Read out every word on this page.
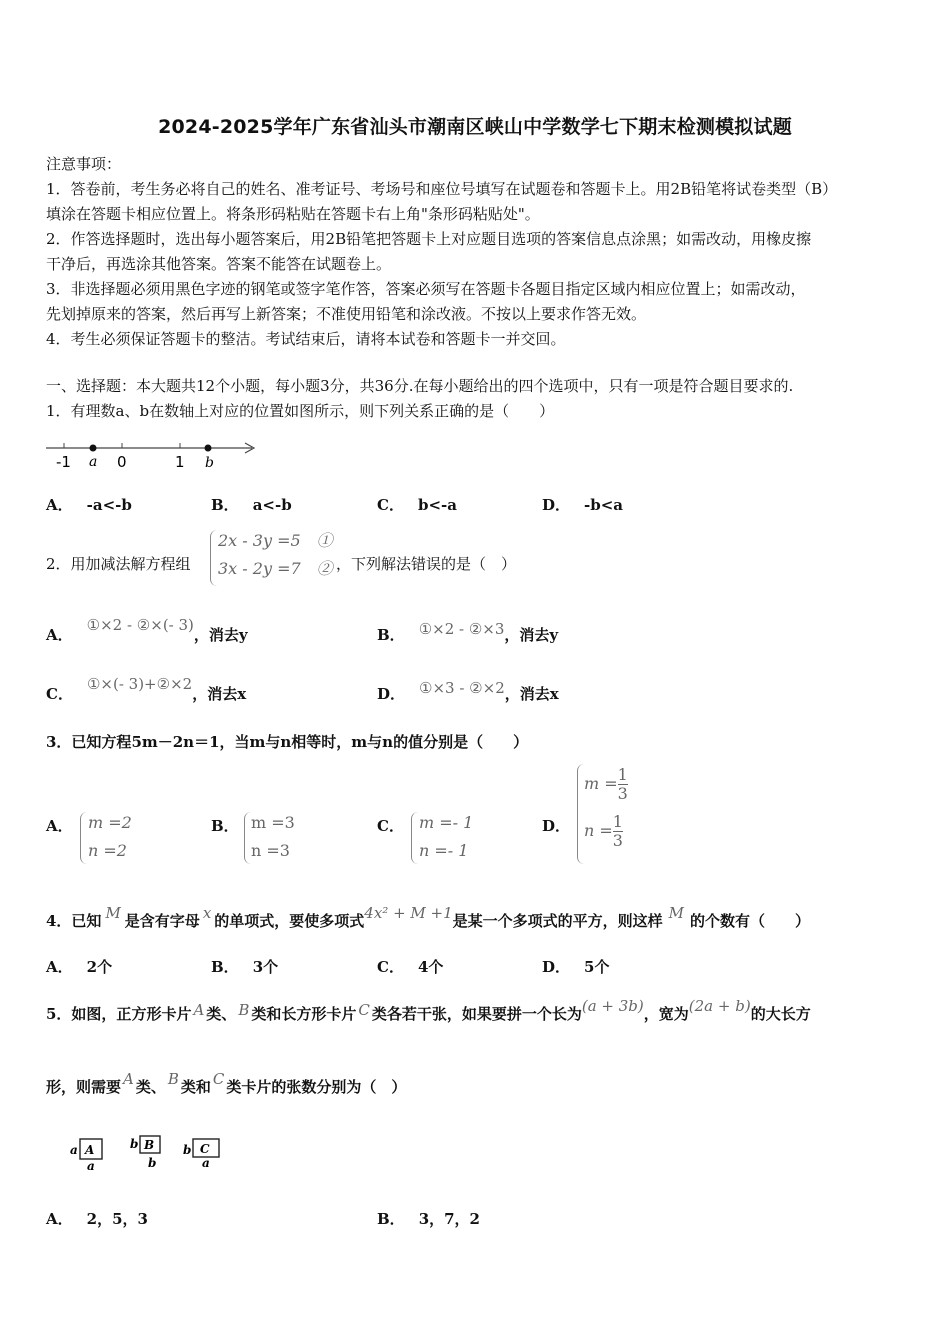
2024-2025学年广东省汕头市潮南区峡山中学数学七下期末检测模拟试题
注意事项：
1．答卷前，考生务必将自己的姓名、准考证号、考场号和座位号填写在试题卷和答题卡上。用2B铅笔将试卷类型（B）
填涂在答题卡相应位置上。将条形码粘贴在答题卡右上角"条形码粘贴处"。
2．作答选择题时，选出每小题答案后，用2B铅笔把答题卡上对应题目选项的答案信息点涂黑；如需改动，用橡皮擦
干净后，再选涂其他答案。答案不能答在试题卷上。
3．非选择题必须用黑色字迹的钢笔或签字笔作答，答案必须写在答题卡各题目指定区域内相应位置上；如需改动，
先划掉原来的答案，然后再写上新答案；不准使用铅笔和涂改液。不按以上要求作答无效。
4．考生必须保证答题卡的整洁。考试结束后，请将本试卷和答题卡一并交回。
一、选择题：本大题共12个小题，每小题3分，共36分.在每小题给出的四个选项中，只有一项是符合题目要求的.
1．有理数a、b在数轴上对应的位置如图所示，则下列关系正确的是（　　）
-1 a 0	1 b
A． -a<-b	B． a<-b	C． b<-a	D． -b<a
2．用加减法解方程组
2x - 3y =5　①
3x - 2y =7　② ，下列解法错误的是（　）
A．①×2 - ②×(- 3)，消去y	B． ①×2 - ②×3，消去y
C．①×(- 3)+②×2，消去x	D． ①×3 - ②×2，消去x
3．已知方程5m－2n＝1，当m与n相等时，m与n的值分别是（　　）
A． m =2
n =2
B． m =3
n =3
C． m =- 1
n =- 1
D．
$m = \frac{1}{3}$
$n = \frac{1}{3}$
4．已知 M 是含有字母 x 的单项式，要使多项式4x² + M +1是某一个多项式的平方，则这样 M 的个数有（　　）
A． 2个	B． 3个	C． 4个	D． 5个
5．如图，正方形卡片 A 类、 B 类和长方形卡片 C 类各若干张，如果要拼一个长为(a + 3b)，宽为(2a + b)的大长方
形，则需要 A 类、 B 类和 C 类卡片的张数分别为（　）
a A
a
b B
b
b C
a
A． 2，5，3	B． 3，7，2
